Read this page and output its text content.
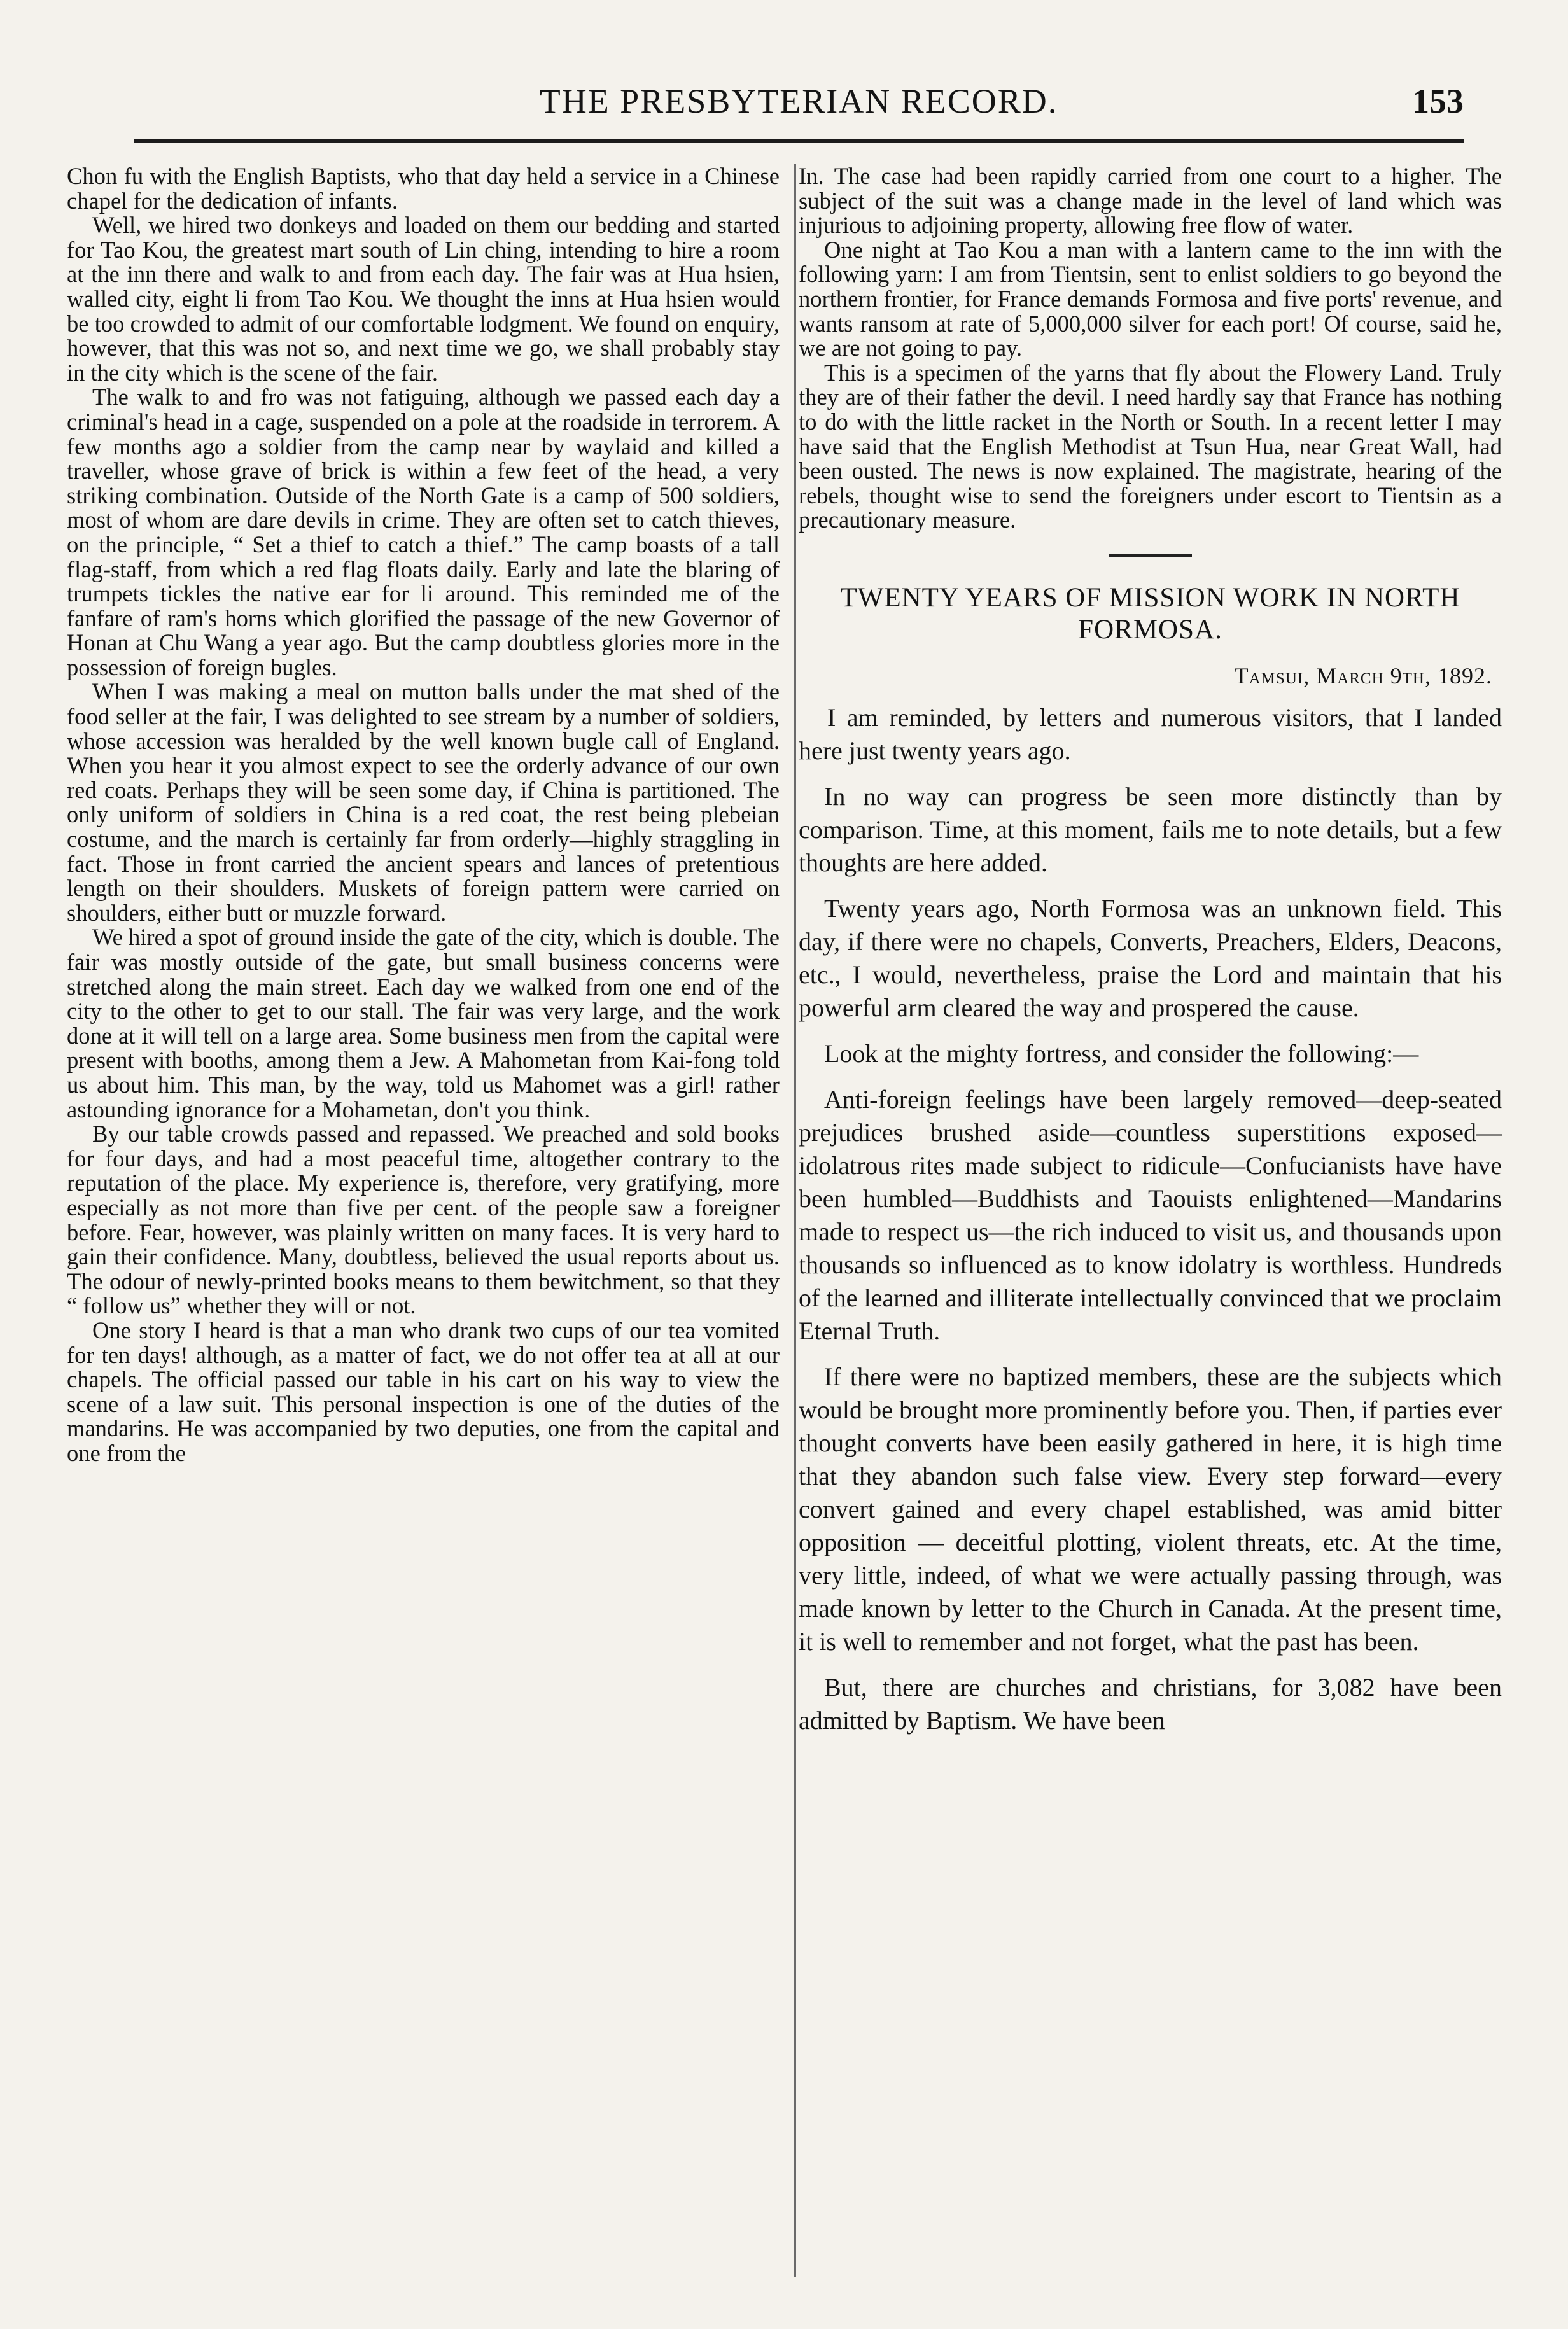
THE PRESBYTERIAN RECORD.	153

Chon fu with the English Baptists, who that day held a service in a Chinese chapel for the dedication of infants.

Well, we hired two donkeys and loaded on them our bedding and started for Tao Kou, the greatest mart south of Lin ching, intending to hire a room at the inn there and walk to and from each day. The fair was at Hua hsien, walled city, eight li from Tao Kou. We thought the inns at Hua hsien would be too crowded to admit of our comfortable lodgment. We found on enquiry, however, that this was not so, and next time we go, we shall probably stay in the city which is the scene of the fair.

The walk to and fro was not fatiguing, although we passed each day a criminal's head in a cage, suspended on a pole at the roadside in terrorem. A few months ago a soldier from the camp near by waylaid and killed a traveller, whose grave of brick is within a few feet of the head, a very striking combination. Outside of the North Gate is a camp of 500 soldiers, most of whom are dare devils in crime. They are often set to catch thieves, on the principle, “ Set a thief to catch a thief.” The camp boasts of a tall flag-staff, from which a red flag floats daily. Early and late the blaring of trumpets tickles the native ear for li around. This reminded me of the fanfare of ram's horns which glorified the passage of the new Governor of Honan at Chu Wang a year ago. But the camp doubtless glories more in the possession of foreign bugles.

When I was making a meal on mutton balls under the mat shed of the food seller at the fair, I was delighted to see stream by a number of soldiers, whose accession was heralded by the well known bugle call of England. When you hear it you almost expect to see the orderly advance of our own red coats. Perhaps they will be seen some day, if China is partitioned. The only uniform of soldiers in China is a red coat, the rest being plebeian costume, and the march is certainly far from orderly—highly straggling in fact. Those in front carried the ancient spears and lances of pretentious length on their shoulders. Muskets of foreign pattern were carried on shoulders, either butt or muzzle forward.

We hired a spot of ground inside the gate of the city, which is double. The fair was mostly outside of the gate, but small business concerns were stretched along the main street. Each day we walked from one end of the city to the other to get to our stall. The fair was very large, and the work done at it will tell on a large area. Some business men from the capital were present with booths, among them a Jew. A Mahometan from Kai-fong told us about him. This man, by the way, told us Mahomet was a girl! rather astounding ignorance for a Mohametan, don't you think.

By our table crowds passed and repassed. We preached and sold books for four days, and had a most peaceful time, altogether contrary to the reputation of the place. My experience is, therefore, very gratifying, more especially as not more than five per cent. of the people saw a foreigner before. Fear, however, was plainly written on many faces. It is very hard to gain their confidence. Many, doubtless, believed the usual reports about us. The odour of newly-printed books means to them bewitchment, so that they “ follow us” whether they will or not.

One story I heard is that a man who drank two cups of our tea vomited for ten days! although, as a matter of fact, we do not offer tea at all at our chapels. The official passed our table in his cart on his way to view the scene of a law suit. This personal inspection is one of the duties of the mandarins. He was accompanied by two deputies, one from the capital and one from the

In. The case had been rapidly carried from one court to a higher. The subject of the suit was a change made in the level of land which was injurious to adjoining property, allowing free flow of water.

One night at Tao Kou a man with a lantern came to the inn with the following yarn: I am from Tientsin, sent to enlist soldiers to go beyond the northern frontier, for France demands Formosa and five ports' revenue, and wants ransom at rate of 5,000,000 silver for each port! Of course, said he, we are not going to pay.

This is a specimen of the yarns that fly about the Flowery Land. Truly they are of their father the devil. I need hardly say that France has nothing to do with the little racket in the North or South. In a recent letter I may have said that the English Methodist at Tsun Hua, near Great Wall, had been ousted. The news is now explained. The magistrate, hearing of the rebels, thought wise to send the foreigners under escort to Tientsin as a precautionary measure.

TWENTY YEARS OF MISSION WORK IN NORTH FORMOSA.
Tamsui, March 9th, 1892.

I am reminded, by letters and numerous visitors, that I landed here just twenty years ago.

In no way can progress be seen more distinctly than by comparison. Time, at this moment, fails me to note details, but a few thoughts are here added.

Twenty years ago, North Formosa was an unknown field. This day, if there were no chapels, Converts, Preachers, Elders, Deacons, etc., I would, nevertheless, praise the Lord and maintain that his powerful arm cleared the way and prospered the cause.

Look at the mighty fortress, and consider the following:—

Anti-foreign feelings have been largely removed—deep-seated prejudices brushed aside—countless superstitions exposed—idolatrous rites made subject to ridicule—Confucianists have have been humbled—Buddhists and Taouists enlightened—Mandarins made to respect us—the rich induced to visit us, and thousands upon thousands so influenced as to know idolatry is worthless. Hundreds of the learned and illiterate intellectually convinced that we proclaim Eternal Truth.

If there were no baptized members, these are the subjects which would be brought more prominently before you. Then, if parties ever thought converts have been easily gathered in here, it is high time that they abandon such false view. Every step forward—every convert gained and every chapel established, was amid bitter opposition — deceitful plotting, violent threats, etc. At the time, very little, indeed, of what we were actually passing through, was made known by letter to the Church in Canada. At the present time, it is well to remember and not forget, what the past has been.

But, there are churches and christians, for 3,082 have been admitted by Baptism. We have been
